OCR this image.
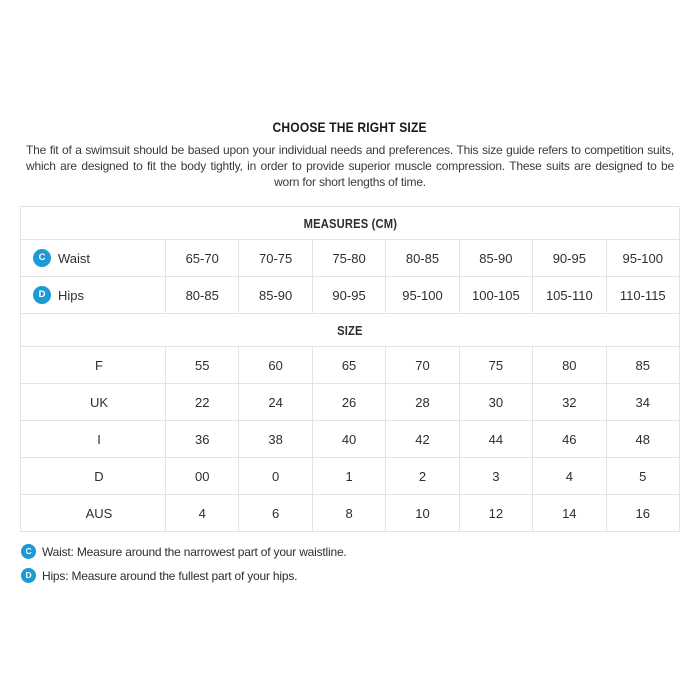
CHOOSE THE RIGHT SIZE

The fit of a swimsuit should be based upon your individual needs and preferences. This size guide refers to competition suits, which are designed to fit the body tightly, in order to provide superior muscle compression. These suits are designed to be worn for short lengths of time.

MEASURES (CM)							

C Waist	65-70	70-75	75-80	80-85	85-90	90-95	95-100

D Hips	80-85	85-90	90-95	95-100	100-105	105-110	110-115
SIZE							
F	55	60	65	70	75	80	85
UK	22	24	26	28	30	32	34
I	36	38	40	42	44	46	48
D	00	0	1	2	3	4	5
AUS	4	6	8	10	12	14	16
C Waist: Measure around the narrowest part of your waistline.
D Hips: Measure around the fullest part of your hips.
